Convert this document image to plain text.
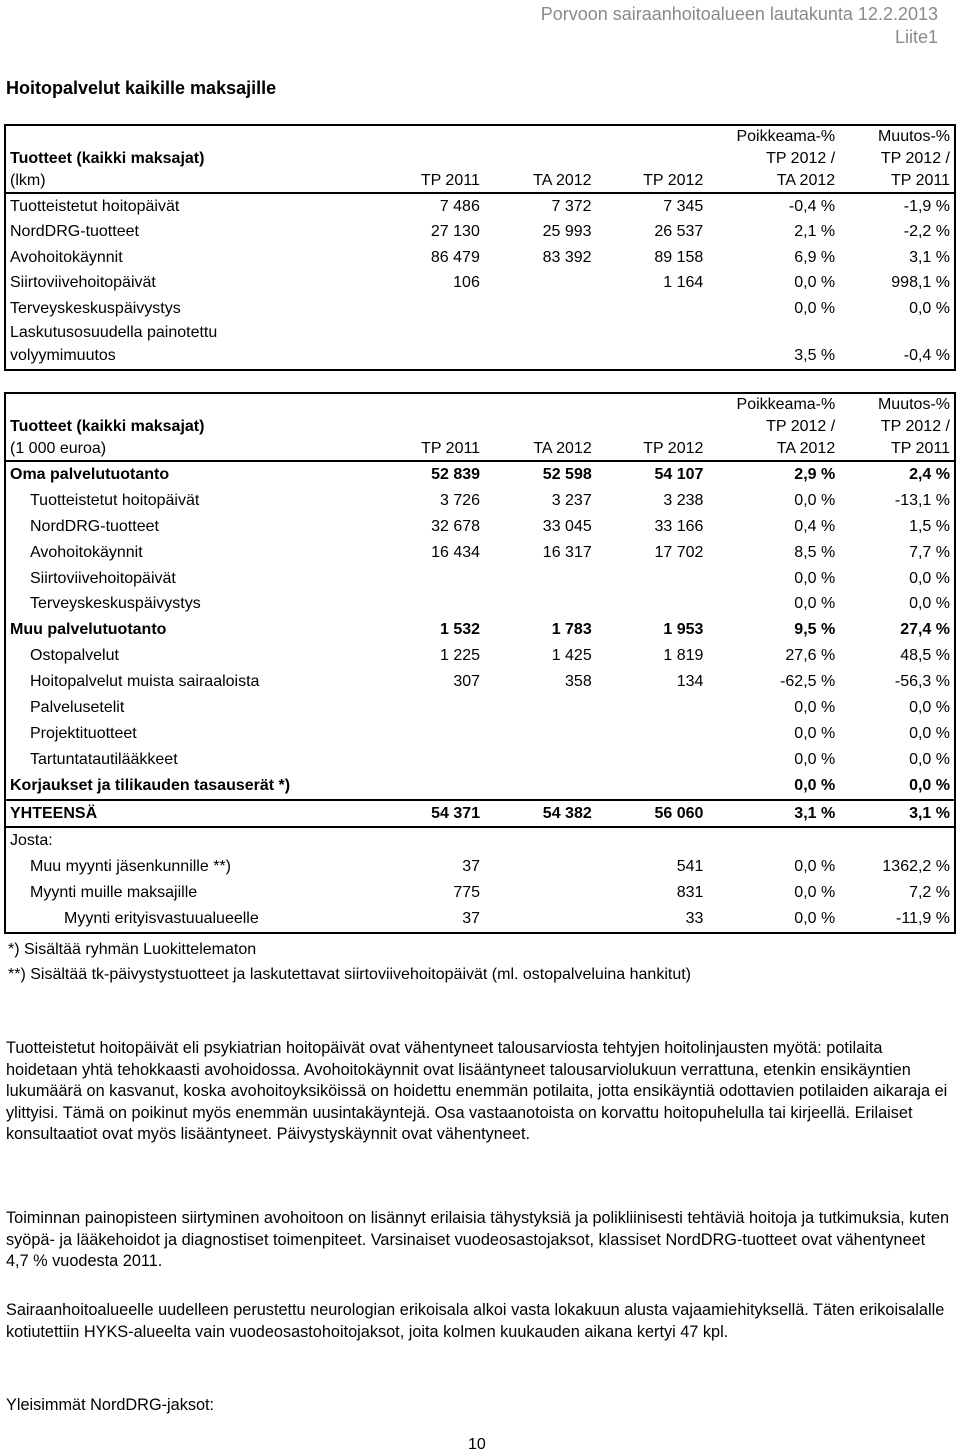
Porvoon sairaanhoitoalueen lautakunta 12.2.2013
Liite1
Hoitopalvelut kaikille maksajille
				Poikkeama-%	Muutos-%
Tuotteet (kaikki maksajat)				TP 2012 /	TP 2012 /
(lkm)	TP 2011	TA 2012	TP 2012	TA 2012	TP 2011
Tuotteistetut hoitopäivät	7 486	7 372	7 345	-0,4 %	-1,9 %
NordDRG-tuotteet	27 130	25 993	26 537	2,1 %	-2,2 %
Avohoitokäynnit	86 479	83 392	89 158	6,9 %	3,1 %
Siirtoviivehoitopäivät	106		1 164	0,0 %	998,1 %
Terveyskeskuspäivystys				0,0 %	0,0 %
Laskutusosuudella painotettu					
volyymimuutos				3,5 %	-0,4 %
				Poikkeama-%	Muutos-%
Tuotteet (kaikki maksajat)				TP 2012 /	TP 2012 /
(1 000 euroa)	TP 2011	TA 2012	TP 2012	TA 2012	TP 2011
Oma palvelutuotanto	52 839	52 598	54 107	2,9 %	2,4 %
Tuotteistetut hoitopäivät	3 726	3 237	3 238	0,0 %	-13,1 %
NordDRG-tuotteet	32 678	33 045	33 166	0,4 %	1,5 %
Avohoitokäynnit	16 434	16 317	17 702	8,5 %	7,7 %
Siirtoviivehoitopäivät				0,0 %	0,0 %
Terveyskeskuspäivystys				0,0 %	0,0 %
Muu palvelutuotanto	1 532	1 783	1 953	9,5 %	27,4 %
Ostopalvelut	1 225	1 425	1 819	27,6 %	48,5 %
Hoitopalvelut muista sairaaloista	307	358	134	-62,5 %	-56,3 %
Palvelusetelit				0,0 %	0,0 %
Projektituotteet				0,0 %	0,0 %
Tartuntatautilääkkeet				0,0 %	0,0 %
Korjaukset ja tilikauden tasauserät *)				0,0 %	0,0 %
YHTEENSÄ	54 371	54 382	56 060	3,1 %	3,1 %
Josta:					
Muu myynti jäsenkunnille **)	37		541	0,0 %	1362,2 %
Myynti muille maksajille	775		831	0,0 %	7,2 %
Myynti erityisvastuualueelle	37		33	0,0 %	-11,9 %
*) Sisältää ryhmän Luokittelematon
**) Sisältää tk-päivystystuotteet ja laskutettavat siirtoviivehoitopäivät (ml. ostopalveluina hankitut)
Tuotteistetut hoitopäivät eli psykiatrian hoitopäivät ovat vähentyneet talousarviosta tehtyjen hoitolinjausten myötä: potilaita hoidetaan yhtä tehokkaasti avohoidossa. Avohoitokäynnit ovat lisääntyneet talousarviolukuun verrattuna, etenkin ensikäyntien lukumäärä on kasvanut, koska avohoitoyksiköissä on hoidettu enemmän potilaita, jotta ensikäyntiä odottavien potilaiden aikaraja ei ylittyisi. Tämä on poikinut myös enemmän uusintakäyntejä. Osa vastaanotoista on korvattu hoitopuhelulla tai kirjeellä. Erilaiset konsultaatiot ovat myös lisääntyneet. Päivystyskäynnit ovat vähentyneet.
Toiminnan painopisteen siirtyminen avohoitoon on lisännyt erilaisia tähystyksiä ja polikliinisesti tehtäviä hoitoja ja tutkimuksia, kuten syöpä- ja lääkehoidot ja diagnostiset toimenpiteet. Varsinaiset vuodeosastojaksot, klassiset NordDRG-tuotteet ovat vähentyneet 4,7 % vuodesta 2011.
Sairaanhoitoalueelle uudelleen perustettu neurologian erikoisala alkoi vasta lokakuun alusta vajaamiehityksellä. Täten erikoisalalle kotiutettiin HYKS-alueelta vain vuodeosastohoitojaksot, joita kolmen kuukauden aikana kertyi 47 kpl.
Yleisimmät NordDRG-jaksot:
10
